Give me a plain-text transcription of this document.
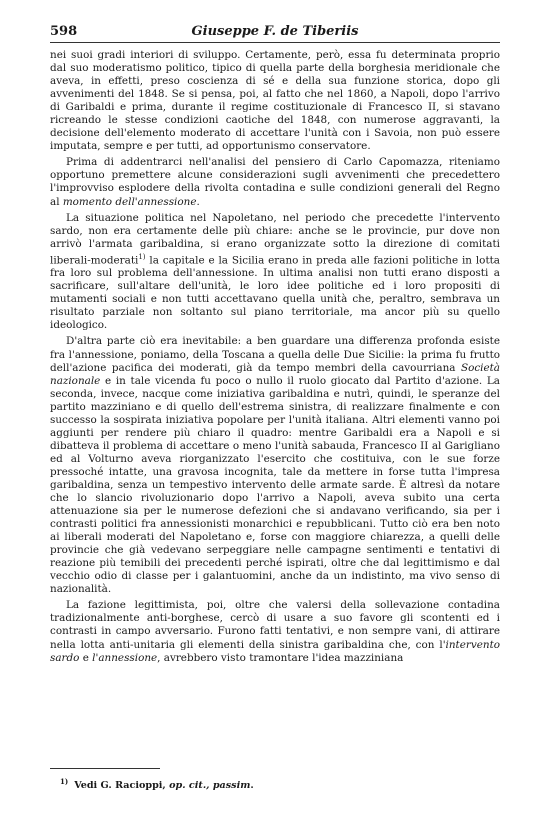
598	Giuseppe F. de Tiberiis

nei suoi gradi interiori di sviluppo. Certamente, però, essa fu determinata proprio dal suo moderatismo politico, tipico di quella parte della borghesia meridionale che aveva, in effetti, preso coscienza di sé e della sua funzione storica, dopo gli avvenimenti del 1848. Se si pensa, poi, al fatto che nel 1860, a Napoli, dopo l'arrivo di Garibaldi e prima, durante il regime costituzionale di Francesco II, si stavano ricreando le stesse condizioni caotiche del 1848, con numerose aggravanti, la decisione dell'elemento moderato di accettare l'unità con i Savoia, non può essere imputata, sempre e per tutti, ad opportunismo conservatore.

Prima di addentrarci nell'analisi del pensiero di Carlo Capomazza, riteniamo opportuno premettere alcune considerazioni sugli avvenimenti che precedettero l'improvviso esplodere della rivolta contadina e sulle condizioni generali del Regno al momento dell'annessione.

La situazione politica nel Napoletano, nel periodo che precedette l'intervento sardo, non era certamente delle più chiare: anche se le provincie, pur dove non arrivò l'armata garibaldina, si erano organizzate sotto la direzione di comitati liberali-moderati$^{1)}$ la capitale e la Sicilia erano in preda alle fazioni politiche in lotta fra loro sul problema dell'annessione. In ultima analisi non tutti erano disposti a sacrificare, sull'altare dell'unità, le loro idee politiche ed i loro propositi di mutamenti sociali e non tutti accettavano quella unità che, peraltro, sembrava un risultato parziale non soltanto sul piano territoriale, ma ancor più su quello ideologico.

D'altra parte ciò era inevitabile: a ben guardare una differenza profonda esiste fra l'annessione, poniamo, della Toscana a quella delle Due Sicilie: la prima fu frutto dell'azione pacifica dei moderati, già da tempo membri della cavourriana Società nazionale e in tale vicenda fu poco o nullo il ruolo giocato dal Partito d'azione. La seconda, invece, nacque come iniziativa garibaldina e nutrì, quindi, le speranze del partito mazziniano e di quello dell'estrema sinistra, di realizzare finalmente e con successo la sospirata iniziativa popolare per l'unità italiana. Altri elementi vanno poi aggiunti per rendere più chiaro il quadro: mentre Garibaldi era a Napoli e si dibatteva il problema di accettare o meno l'unità sabauda, Francesco II al Garigliano ed al Volturno aveva riorganizzato l'esercito che costituiva, con le sue forze pressoché intatte, una gravosa incognita, tale da mettere in forse tutta l'impresa garibaldina, senza un tempestivo intervento delle armate sarde. È altresì da notare che lo slancio rivoluzionario dopo l'arrivo a Napoli, aveva subito una certa attenuazione sia per le numerose defezioni che si andavano verificando, sia per i contrasti politici fra annessionisti monarchici e repubblicani. Tutto ciò era ben noto ai liberali moderati del Napoletano e, forse con maggiore chiarezza, a quelli delle provincie che già vedevano serpeggiare nelle campagne sentimenti e tentativi di reazione più temibili dei precedenti perché ispirati, oltre che dal legittimismo e dal vecchio odio di classe per i galantuomini, anche da un indistinto, ma vivo senso di nazionalità.

La fazione legittimista, poi, oltre che valersi della sollevazione contadina tradizionalmente anti-borghese, cercò di usare a suo favore gli scontenti ed i contrasti in campo avversario. Furono fatti tentativi, e non sempre vani, di attirare nella lotta anti-unitaria gli elementi della sinistra garibaldina che, con l'intervento sardo e l'annessione, avrebbero visto tramontare l'idea mazziniana

$^{1)}$ Vedi G. Racioppi, op. cit., passim.
